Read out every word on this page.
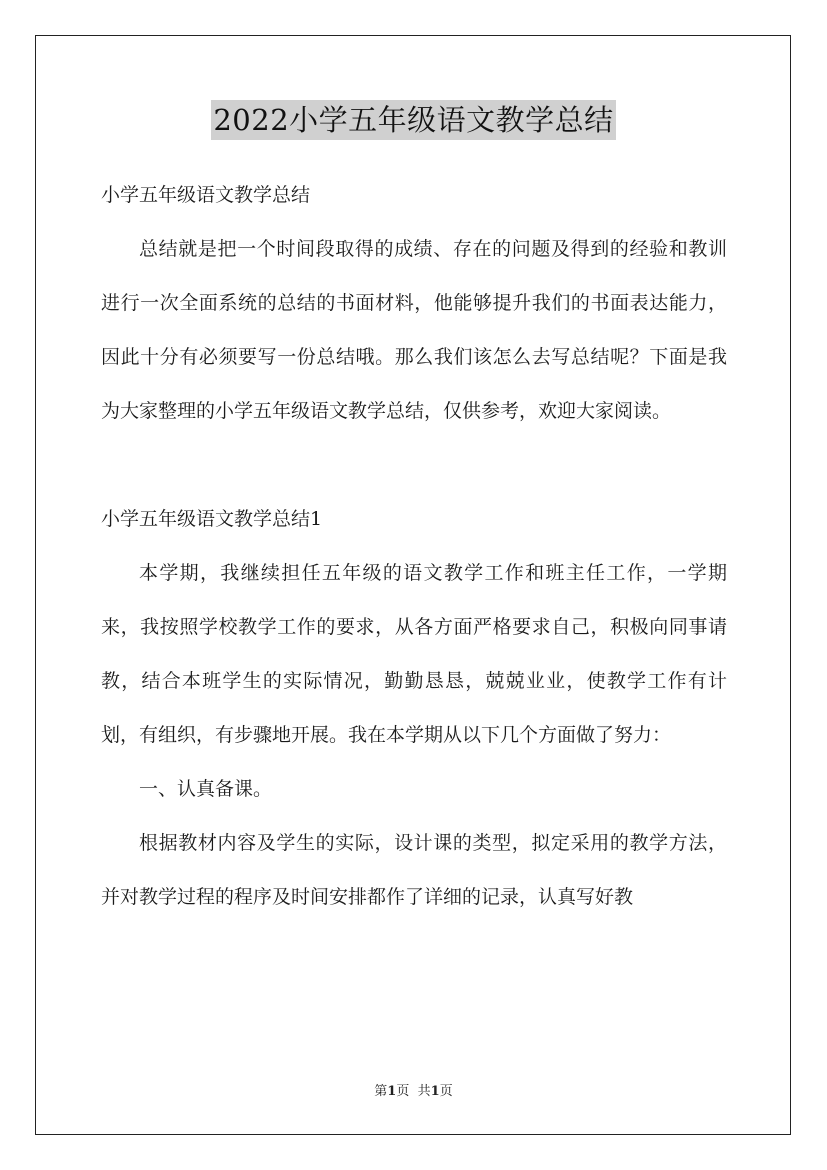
2022小学五年级语文教学总结

小学五年级语文教学总结

总结就是把一个时间段取得的成绩、存在的问题及得到的经验和教训进行一次全面系统的总结的书面材料，他能够提升我们的书面表达能力，因此十分有必须要写一份总结哦。那么我们该怎么去写总结呢？下面是我为大家整理的小学五年级语文教学总结，仅供参考，欢迎大家阅读。

小学五年级语文教学总结1

本学期，我继续担任五年级的语文教学工作和班主任工作，一学期来，我按照学校教学工作的要求，从各方面严格要求自己，积极向同事请教，结合本班学生的实际情况，勤勤恳恳，兢兢业业，使教学工作有计划，有组织，有步骤地开展。我在本学期从以下几个方面做了努力：

一、认真备课。

根据教材内容及学生的实际，设计课的类型，拟定采用的教学方法，并对教学过程的程序及时间安排都作了详细的记录，认真写好教

第1页 共1页
